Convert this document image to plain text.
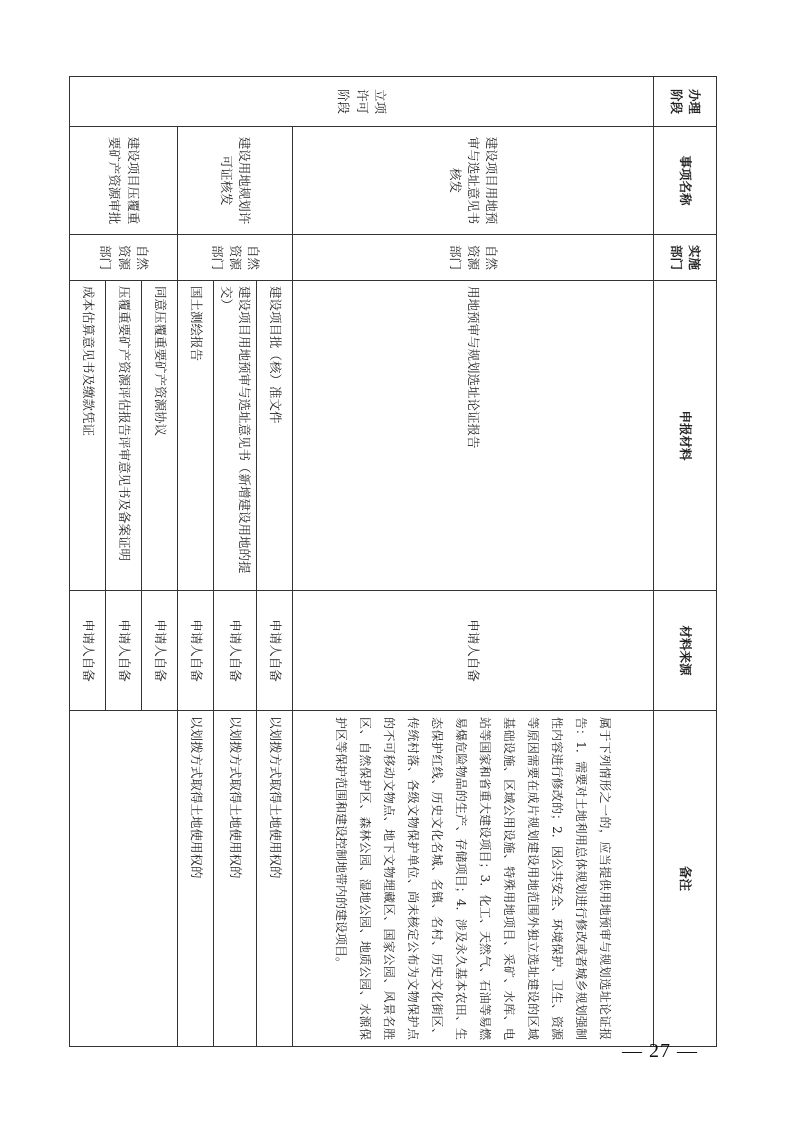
办理阶段	事项名称	实施部门	申报材料	材料来源	备注
立项许可阶段	建设项目用地预审与选址意见书核发	自然资源部门	用地预审与规划选址论证报告	申请人自备	属于下列情形之一的，应当提供用地预审与规划选址论证报告：1．需要对土地利用总体规划进行修改或者城乡规划强制性内容进行修改的；2．因公共安全、环境保护、卫生、资源等原因需要在成片规划建设用地范围外独立选址建设的区域基础设施、区域公用设施、特殊用地项目、采矿、水库、电站等国家和省重大建设项目；3．化工、天然气、石油等易燃易爆危险物品的生产、存储项目；4．涉及永久基本农田、生态保护红线、历史文化名城、名镇、名村、历史文化街区、传统村落、各级文物保护单位、尚未核定公布为文物保护点的不可移动文物点、地下文物埋藏区、国家公园、风景名胜区、自然保护区、森林公园、湿地公园、地质公园、水源保护区等保护范围和建设控制地带内的建设项目。
	建设用地规划许可证核发	自然资源部门	建设项目批（核）准文件	申请人自备	以划拨方式取得土地使用权的
			建设项目用地预审与选址意见书（新增建设用地的提交）	申请人自备	以划拨方式取得土地使用权的
			国土测绘报告	申请人自备	以划拨方式取得土地使用权的
	建设项目压覆重要矿产资源审批	自然资源部门	同意压覆重要矿产资源协议	申请人自备	
			压覆重要矿产资源评估报告评审意见书及备案证明	申请人自备	
			成本估算意见书及缴款凭证	申请人自备	
— 27 —
